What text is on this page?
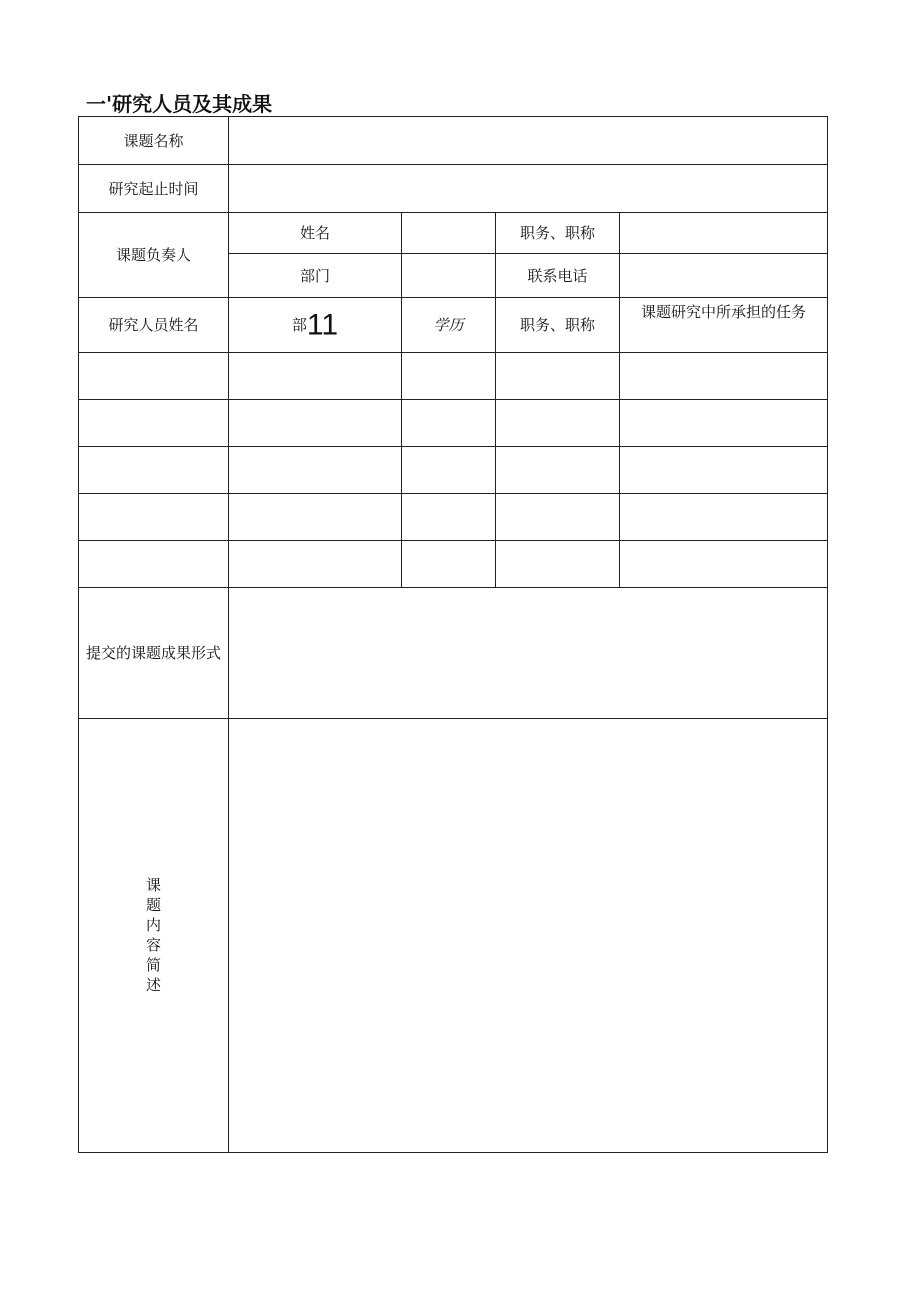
一'研究人员及其成果
课题名称				
研究起止时间				
课题负奏人	姓名		职务、职称	
	部门		联系电话	
研究人员姓名	部11	学历	职务、职称	课题研究中所承担的任务

提交的课题成果形式				
课题内容简述				
